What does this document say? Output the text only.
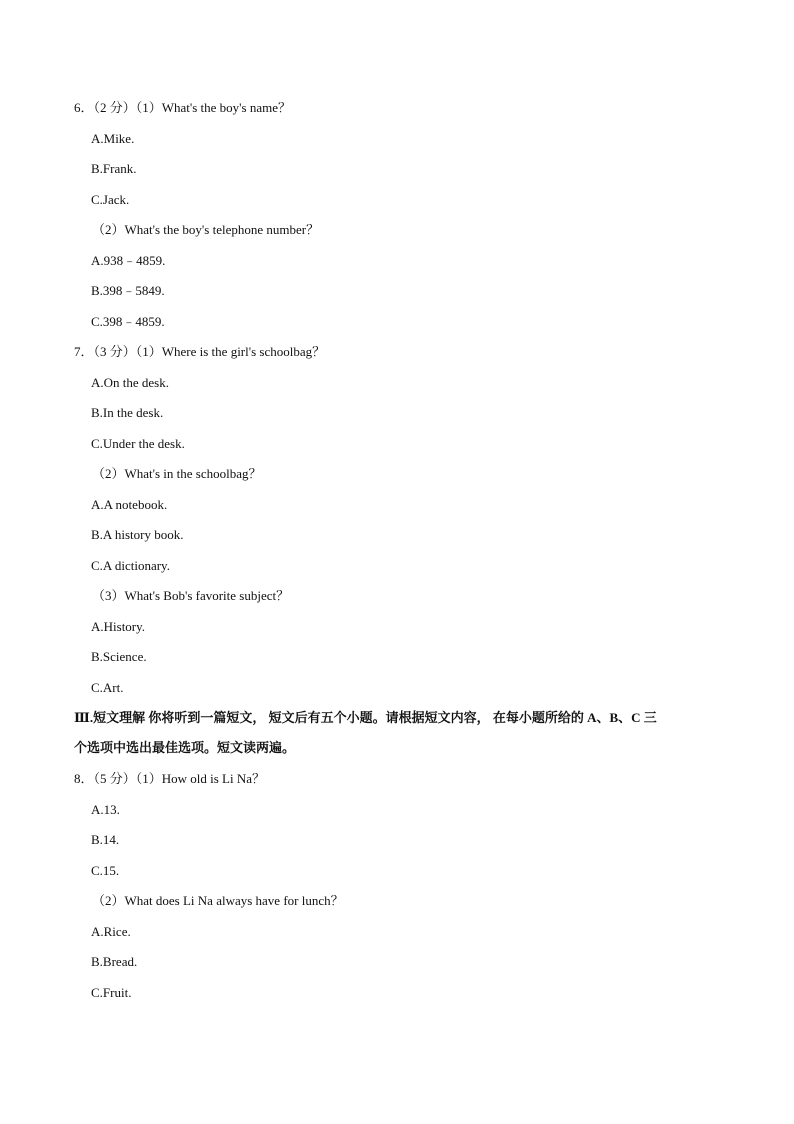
6．（2 分）（1）What's the boy's name？
A.Mike.
B.Frank.
C.Jack.
（2）What's the boy's telephone number？
A.938﹣4859.
B.398﹣5849.
C.398﹣4859.
7．（3 分）（1）Where is the girl's schoolbag？
A.On the desk.
B.In the desk.
C.Under the desk.
（2）What's in the schoolbag？
A.A notebook.
B.A history book.
C.A dictionary.
（3）What's Bob's favorite subject？
A.History.
B.Science.
C.Art.
Ⅲ.短文理解 你将听到一篇短文， 短文后有五个小题。请根据短文内容， 在每小题所给的 A、B、C 三
个选项中选出最佳选项。短文读两遍。
8．（5 分）（1）How old is Li Na？
A.13.
B.14.
C.15.
（2）What does Li Na always have for lunch？
A.Rice.
B.Bread.
C.Fruit.
